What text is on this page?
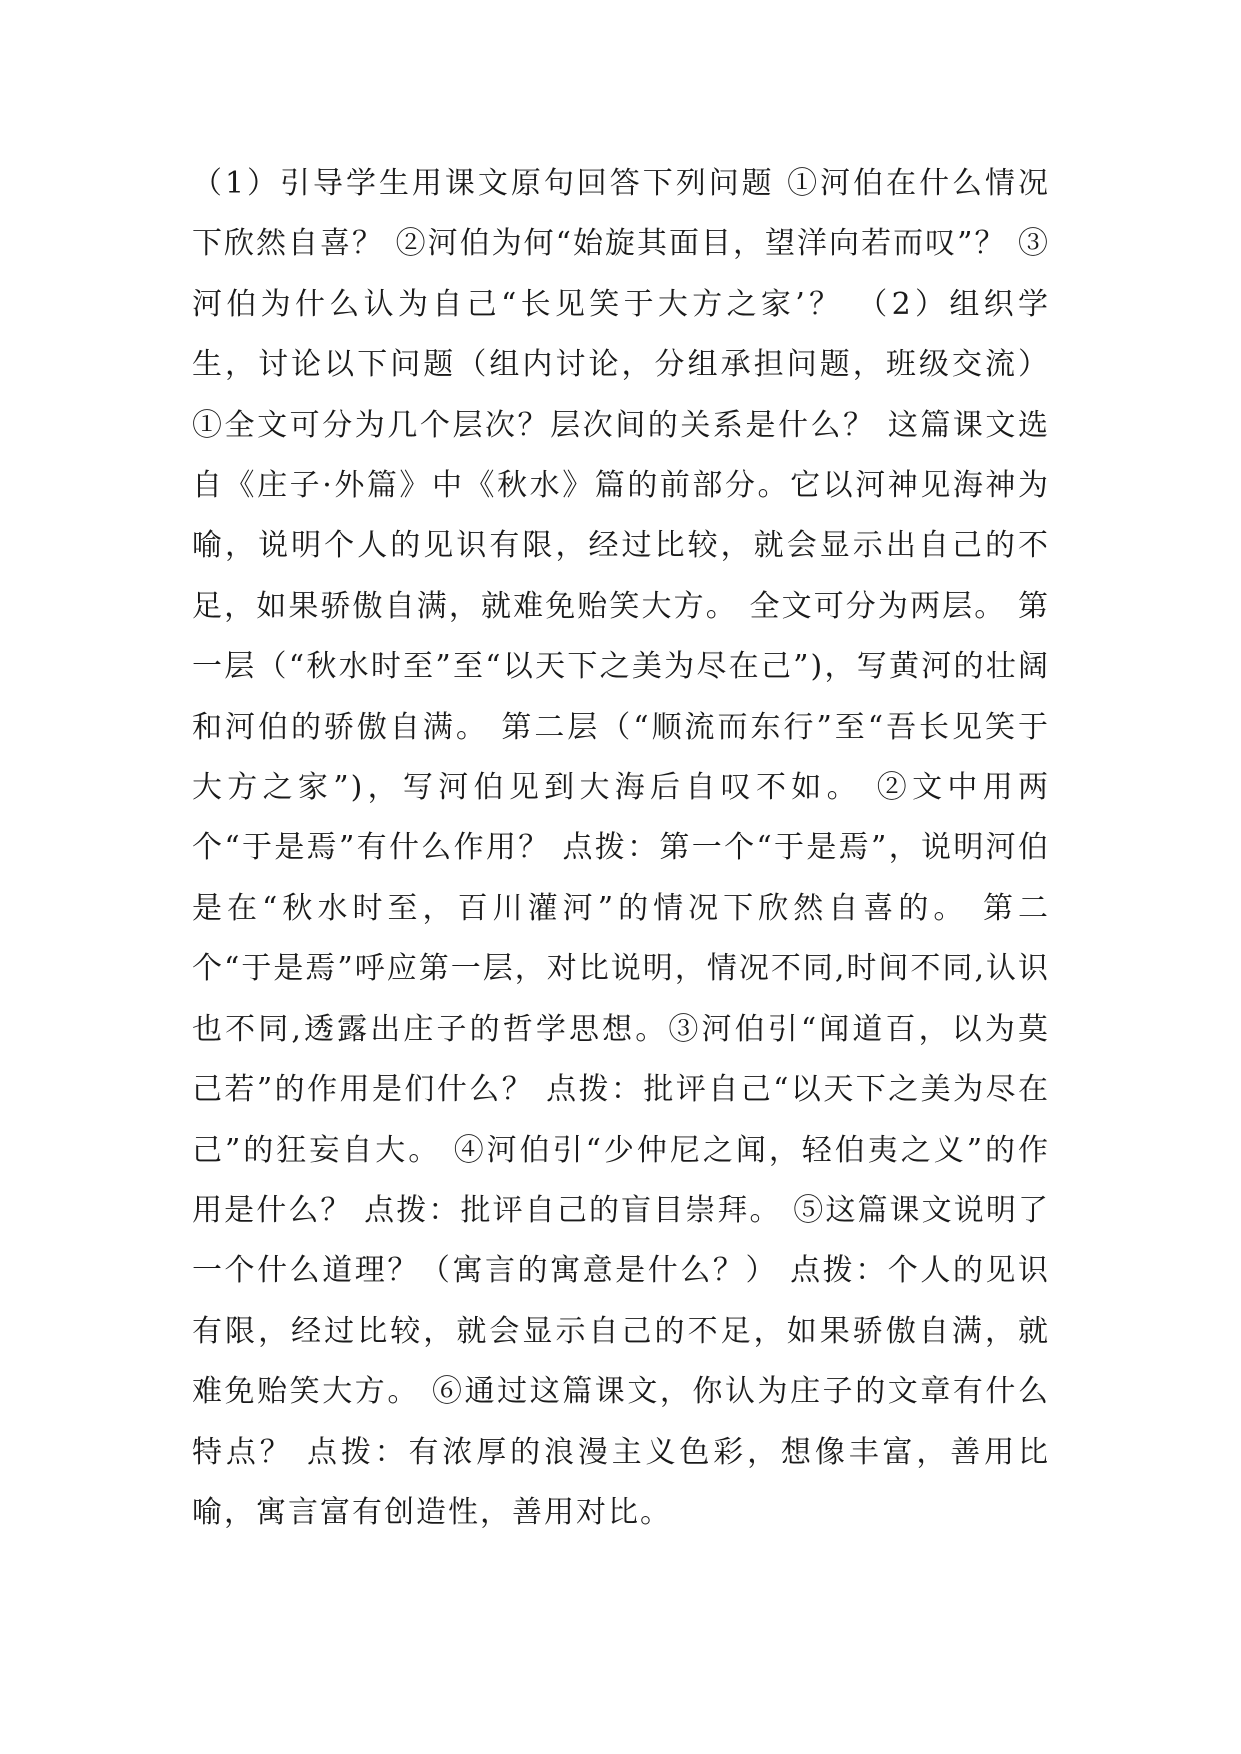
（1）引导学生用课文原句回答下列问题 ①河伯在什么情况下欣然自喜？ ②河伯为何“始旋其面目，望洋向若而叹”？ ③河伯为什么认为自己“长见笑于大方之家’？ （2）组织学生，讨论以下问题（组内讨论，分组承担问题，班级交流） ①全文可分为几个层次？层次间的关系是什么？ 这篇课文选自《庄子·外篇》中《秋水》篇的前部分。它以河神见海神为喻，说明个人的见识有限，经过比较，就会显示出自己的不足，如果骄傲自满，就难免贻笑大方。 全文可分为两层。 第一层（“秋水时至”至“以天下之美为尽在己”)，写黄河的壮阔和河伯的骄傲自满。 第二层（“顺流而东行”至“吾长见笑于大方之家”)，写河伯见到大海后自叹不如。 ②文中用两个“于是焉”有什么作用？ 点拨：第一个“于是焉”，说明河伯是在“秋水时至，百川灌河”的情况下欣然自喜的。 第二个“于是焉”呼应第一层，对比说明，情况不同,时间不同,认识也不同,透露出庄子的哲学思想。③河伯引“闻道百，以为莫己若”的作用是们什么？ 点拨：批评自己“以天下之美为尽在己”的狂妄自大。 ④河伯引“少仲尼之闻，轻伯夷之义”的作用是什么？ 点拨：批评自己的盲目崇拜。 ⑤这篇课文说明了一个什么道理？（寓言的寓意是什么？） 点拨：个人的见识有限，经过比较，就会显示自己的不足，如果骄傲自满，就难免贻笑大方。 ⑥通过这篇课文，你认为庄子的文章有什么特点？ 点拨：有浓厚的浪漫主义色彩，想像丰富，善用比喻，寓言富有创造性，善用对比。
